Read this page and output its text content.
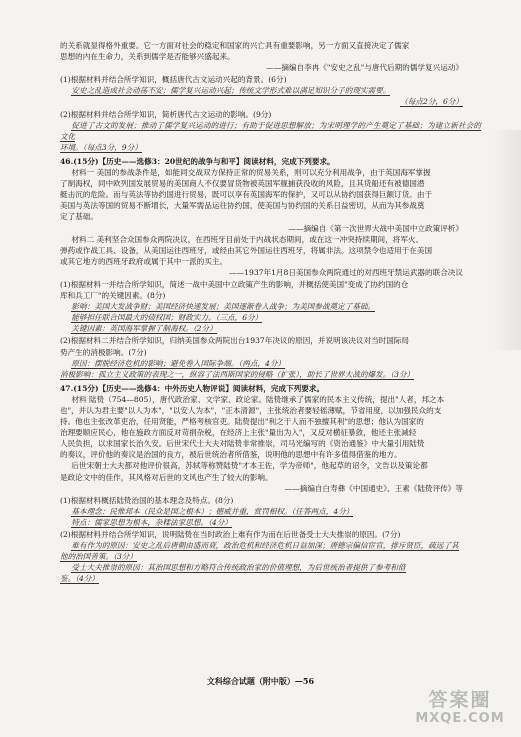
的关系就显得格外重要。它一方面对社会的稳定和国家的兴亡具有重要影响，另一方面又直接决定了儒家

思想的内在生命力，关系到儒学是否能够兴盛起来。

——摘编自李冉《"安史之乱"与唐代后期的儒学复兴运动》

(1)根据材料并结合所学知识，概括唐代古文运动兴起的背景。(6分)

安史之乱造成社会动荡不安；儒学复兴运动兴起；传统文学形式难以满足知识分子的现实需要。

（每点2分，6分）

(2)根据材料并结合所学知识，简析唐代古文运动的影响。(9分)

促进了古文的发展；推动了儒学复兴运动的进行；有助于促进思想解放；为宋明理学的产生奠定了基础；为建立新社会的文化

环境。（每点3分，9分）

46.(15分)【历史——选修3：20世纪的战争与和平】阅读材料，完成下列要求。

材料一 美国的参战条件是，如能同交战双方保持正常的贸易关系，则可以充分利用战争，由于英国海军掌握

了制海权，同中欧列国发展贸易的美国商人不仅要冒货物被英国军舰捕获没收的风险，且其货船还有被德国潜

艇击沉的危险。而与英法等协约国进行贸易，既可以享有英国海军的保护，又可以从协约国获得巨额订货。由于

美国与英法等国的贸易不断增长，大量军需品运往协约国，使美国与协约国的关系日益密切，从而为其参战奠

定了基础。

——摘编自《第一次世界大战中美国中立政策评析》

材料二 美利坚合众国参众两院决议，在西班牙目前处于内战状态期间，或在这一冲突持续期间，将军火、

弹药或作战工具、设备，从美国运往西班牙，或经由其它外国运往西班牙，将属非法。这项禁令也适用于在美国

或其它地方的西班牙政府或属于其中一派的买主。

——1937年1月8日美国参众两院通过的对西班牙禁运武器的联合决议

(1)根据材料一并结合所学知识，简述一战中美国中立政策产生的影响，并概括使美国"变成了协约国的仓

库和兵工厂"的关键因素。(8分)

影响：美国大发战争财；美国经济快速发展；美国逐渐卷入战争；为美国参战奠定了基础。

能够担任联合国最大的债权国；财政实力。（三点，6分）

关键因素：英国海军掌握了制海权。（2分）

(2)根据材料二并结合所学知识，归纳美国参众两院出台1937年决议的原因，并说明该决议对当时国际局

势产生的消极影响。(7分)

原因：摆脱经济危机的影响；避免卷入国际争端。（两点，4分）

消极影响：孤立主义政策的表现之一，纵容了法西斯国家的侵略（扩张），助长了世界大战的爆发。（3分）

47.(15分)【历史——选修4：中外历史人物评说】阅读材料，完成下列要求。

材料 陆贽（754—805），唐代政治家、文学家、政论家。陆贽继承了儒家的民本主义传统，提出"人者，邦之本

也"，并认为君主要"以人为本"，"以安人为本"，"正本清源"，主张统治者要轻徭薄赋，节省用度，以加强民众的支

持。他也主张改革吏治，任用贤能，严格考核官吏。陆贽提出"利之于人而不独擅其利"的思想；他认为国家的

治理要顺应民心，他在施政方面反对苛捐杂税，在经济上主张"量出为入"，又反对横征暴敛，他还主张减轻

人民负担，以求国家长治久安。后世宋代士大夫对陆贽非常推崇，司马光编写的《资治通鉴》中大量引用陆贽

的奏议，评价他的奏议是治国的良方，被后世统治者所借鉴，说明他的思想中有许多值得借鉴的地方。

后世宋朝士大夫都对他评价很高，苏轼等称赞陆贽"才本王佐，学为帝师"，他起草的诏令，文告以及策论都

是政论文中的佳作，其风格对后世的文风也产生了较大的影响。

——摘编自白寿彝《中国通史》、王素《陆贽评传》等

(1)根据材料概括陆贽治国的基本理念及特点。(8分)

基本理念：民惟邦本（民众是国之根本）；德威并重，赏罚相权。（任答两点，4分）

特点：儒家思想为根本，杂糅法家思想。（4分）

(2)根据材料并结合所学知识，说明陆贽在当时政治上难有作为而在后世备受士大夫推崇的原因。(7分)

难有作为的原因：安史之乱后唐朝由盛而衰，政治危机和经济危机日益加深；唐德宗偏信宦官，排斥贤臣，疏远了其

他的治国善策。（3分）

受士大夫推崇的原因：其治国思想和方略符合传统政治家的价值理想，为后世统治者提供了参考和借

鉴。（4分）

文科综合试题（附中版）—56
答案圈
MXQE.COM
